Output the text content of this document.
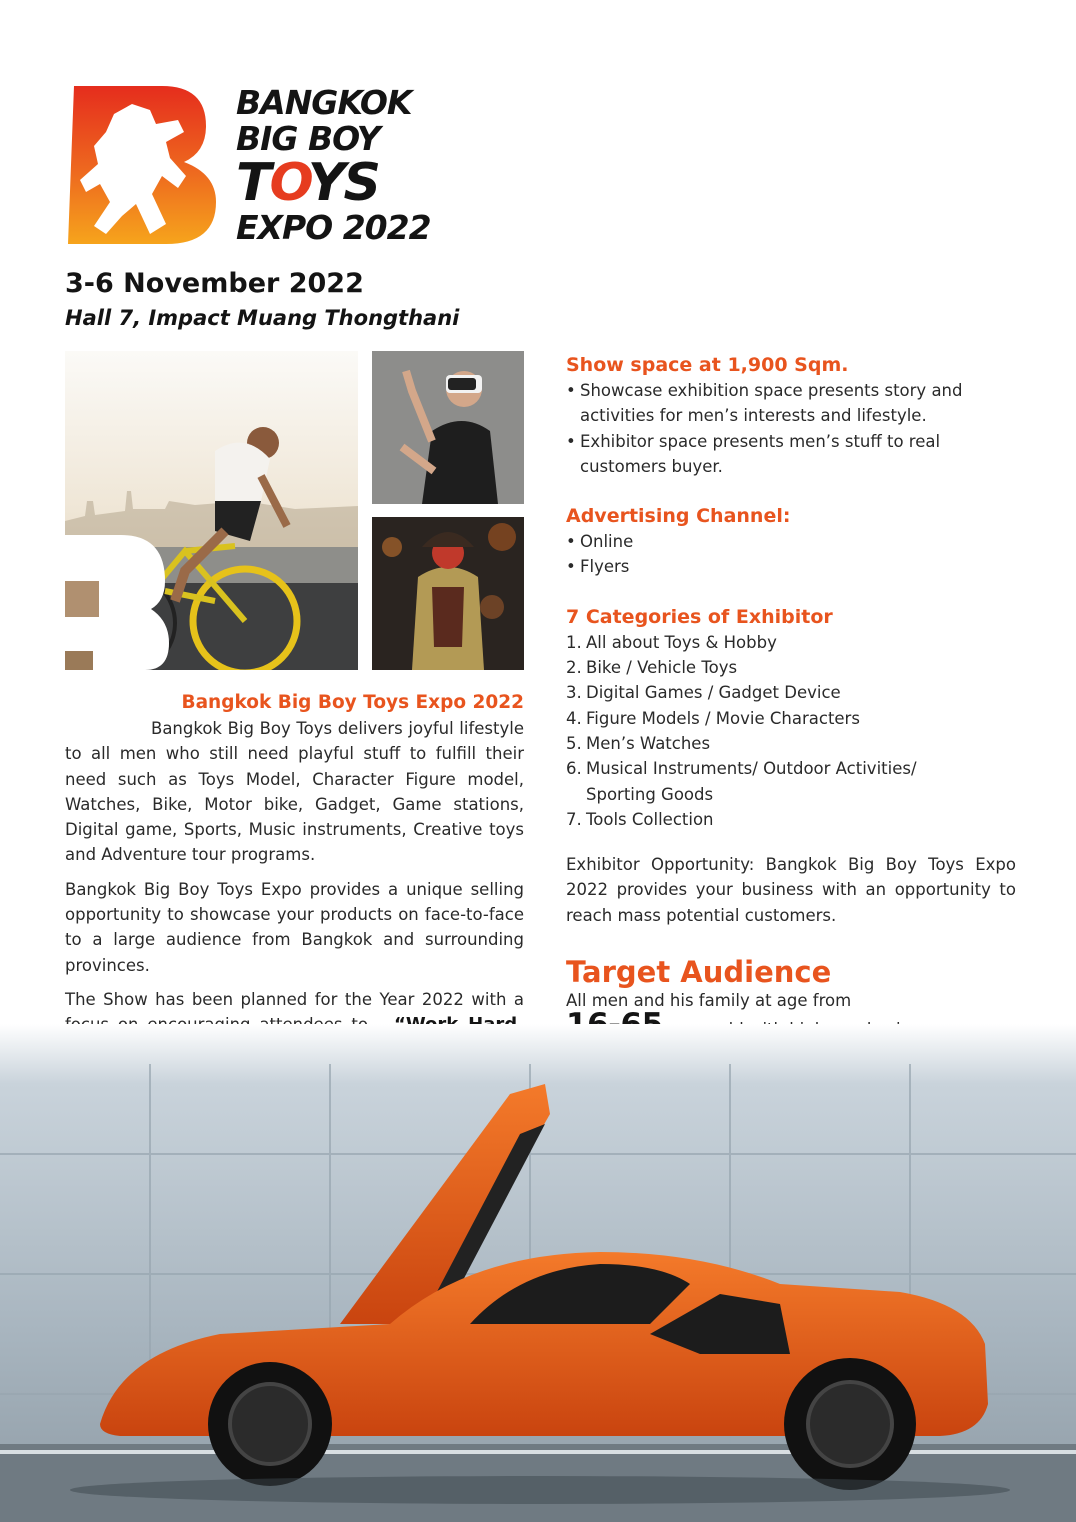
BANGKOK
BIG BOY
TOYS
EXPO 2022
3-6 November 2022
Hall 7, Impact Muang Thongthani
Bangkok Big Boy Toys Expo 2022

Bangkok Big Boy Toys delivers joyful lifestyle to all men who still need playful stuff to fulfill their need such as Toys Model, Character Figure model, Watches, Bike, Motor bike, Gadget, Game stations, Digital game, Sports, Music instruments, Creative toys and Adventure tour programs.

Bangkok Big Boy Toys Expo provides a unique selling opportunity to showcase your products on face-to-face to a large audience from Bangkok and surrounding provinces.

The Show has been planned for the Year 2022 with a

Show space at 1,900 Sqm.
• Showcase exhibition space presents story and activities for men’s interests and lifestyle.
• Exhibitor space presents men’s stuff to real customers buyer.
Advertising Channel:
• Online
• Flyers
7 Categories of Exhibitor
1. All about Toys & Hobby
2. Bike / Vehicle Toys
3. Digital Games / Gadget Device
4. Figure Models / Movie Characters
5. Men’s Watches
6. Musical Instruments/ Outdoor Activities/ Sporting Goods
7. Tools Collection

Exhibitor Opportunity: Bangkok Big Boy Toys Expo 2022 provides your business with an opportunity to reach mass potential customers.

Target Audience
All men and his family at age from
